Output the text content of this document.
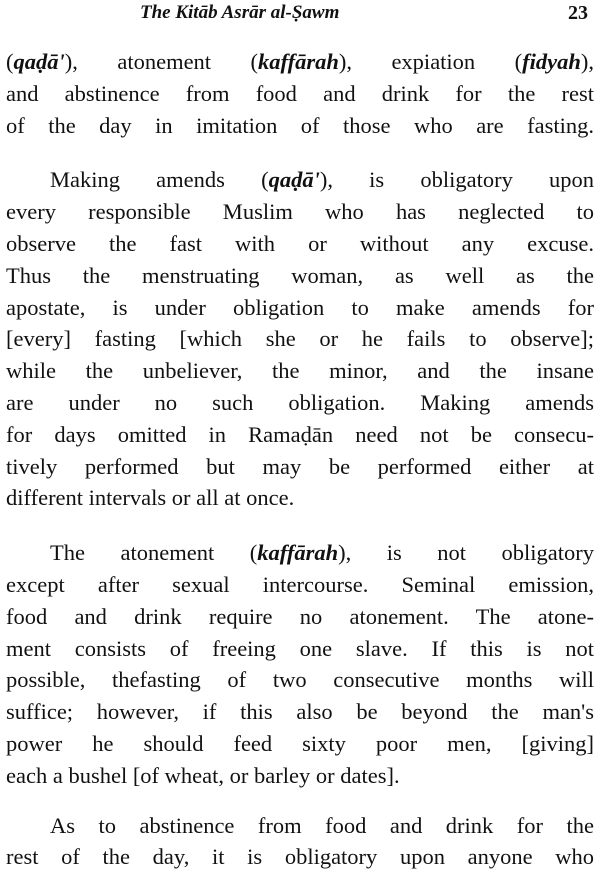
The Kitāb Asrār al-Ṣawm	23
(qaḍā'), atonement (kaffārah), expiation (fidyah),
and abstinence from food and drink for the rest
of the day in imitation of those who are fasting.
Making amends (qaḍā'), is obligatory upon
every responsible Muslim who has neglected to
observe the fast with or without any excuse.
Thus the menstruating woman, as well as the
apostate, is under obligation to make amends for
[every] fasting [which she or he fails to observe];
while the unbeliever, the minor, and the insane
are under no such obligation. Making amends
for days omitted in Ramaḍān need not be consecu-
tively performed but may be performed either at
different intervals or all at once.
The atonement (kaffārah), is not obligatory
except after sexual intercourse. Seminal emission,
food and drink require no atonement. The atone-
ment consists of freeing one slave. If this is not
possible, thefasting of two consecutive months will
suffice; however, if this also be beyond the man's
power he should feed sixty poor men, [giving]
each a bushel [of wheat, or barley or dates].
As to abstinence from food and drink for the
rest of the day, it is obligatory upon anyone who
